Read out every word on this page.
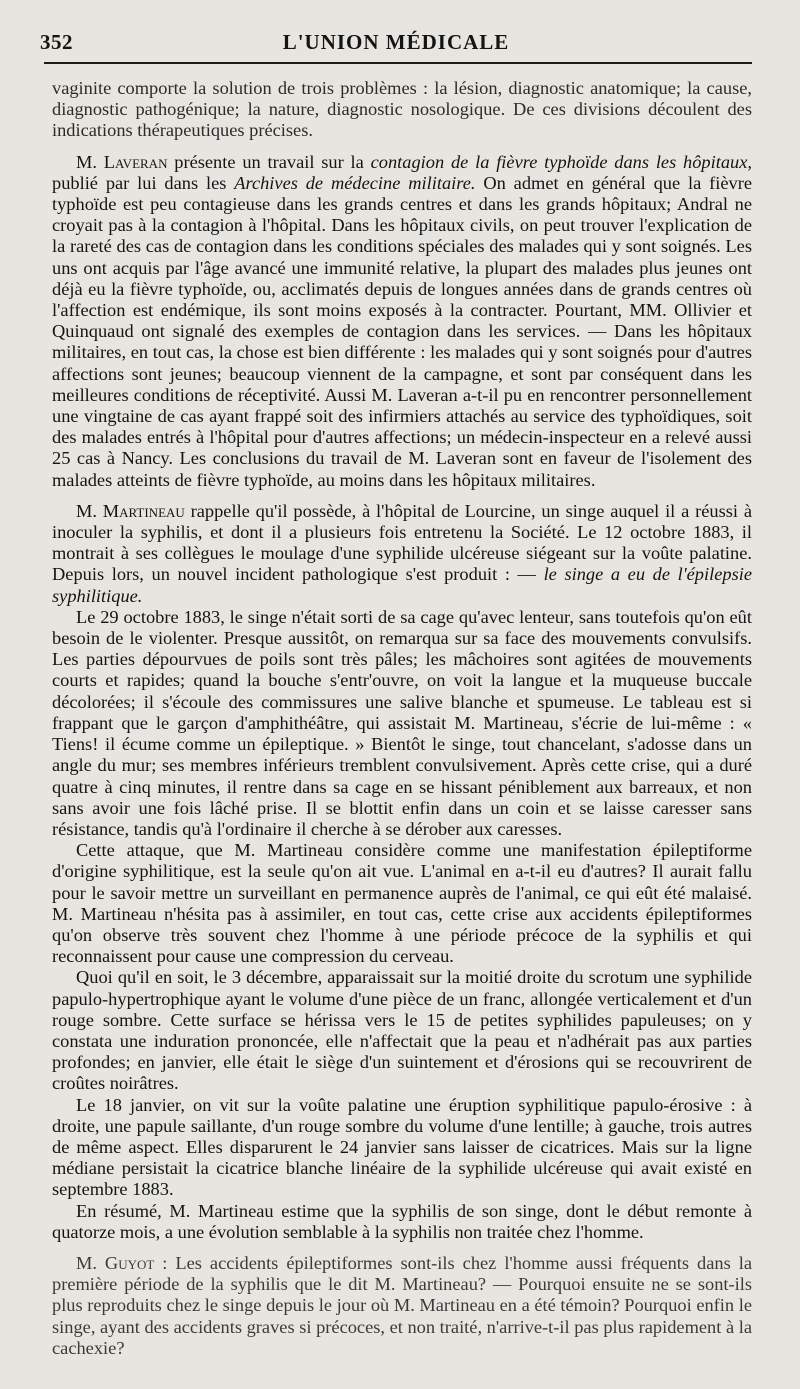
352	L'UNION MÉDICALE

vaginite comporte la solution de trois problèmes : la lésion, diagnostic anatomique; la cause, diagnostic pathogénique; la nature, diagnostic nosologique. De ces divisions découlent des indications thérapeutiques précises.

M. Laveran présente un travail sur la contagion de la fièvre typhoïde dans les hôpitaux, publié par lui dans les Archives de médecine militaire. On admet en général que la fièvre typhoïde est peu contagieuse dans les grands centres et dans les grands hôpitaux; Andral ne croyait pas à la contagion à l'hôpital. Dans les hôpitaux civils, on peut trouver l'explication de la rareté des cas de contagion dans les conditions spéciales des malades qui y sont soignés. Les uns ont acquis par l'âge avancé une immunité relative, la plupart des malades plus jeunes ont déjà eu la fièvre typhoïde, ou, acclimatés depuis de longues années dans de grands centres où l'affection est endémique, ils sont moins exposés à la contracter. Pourtant, MM. Ollivier et Quinquaud ont signalé des exemples de contagion dans les services. — Dans les hôpitaux militaires, en tout cas, la chose est bien différente : les malades qui y sont soignés pour d'autres affections sont jeunes; beaucoup viennent de la campagne, et sont par conséquent dans les meilleures conditions de réceptivité. Aussi M. Laveran a-t-il pu en rencontrer personnellement une vingtaine de cas ayant frappé soit des infirmiers attachés au service des typhoïdiques, soit des malades entrés à l'hôpital pour d'autres affections; un médecin-inspecteur en a relevé aussi 25 cas à Nancy. Les conclusions du travail de M. Laveran sont en faveur de l'isolement des malades atteints de fièvre typhoïde, au moins dans les hôpitaux militaires.

M. Martineau rappelle qu'il possède, à l'hôpital de Lourcine, un singe auquel il a réussi à inoculer la syphilis, et dont il a plusieurs fois entretenu la Société. Le 12 octobre 1883, il montrait à ses collègues le moulage d'une syphilide ulcéreuse siégeant sur la voûte palatine. Depuis lors, un nouvel incident pathologique s'est produit : — le singe a eu de l'épilepsie syphilitique.

Le 29 octobre 1883, le singe n'était sorti de sa cage qu'avec lenteur, sans toutefois qu'on eût besoin de le violenter. Presque aussitôt, on remarqua sur sa face des mouvements convulsifs. Les parties dépourvues de poils sont très pâles; les mâchoires sont agitées de mouvements courts et rapides; quand la bouche s'entr'ouvre, on voit la langue et la muqueuse buccale décolorées; il s'écoule des commissures une salive blanche et spumeuse. Le tableau est si frappant que le garçon d'amphithéâtre, qui assistait M. Martineau, s'écrie de lui-même : « Tiens! il écume comme un épileptique. » Bientôt le singe, tout chancelant, s'adosse dans un angle du mur; ses membres inférieurs tremblent convulsivement. Après cette crise, qui a duré quatre à cinq minutes, il rentre dans sa cage en se hissant péniblement aux barreaux, et non sans avoir une fois lâché prise. Il se blottit enfin dans un coin et se laisse caresser sans résistance, tandis qu'à l'ordinaire il cherche à se dérober aux caresses.

Cette attaque, que M. Martineau considère comme une manifestation épileptiforme d'origine syphilitique, est la seule qu'on ait vue. L'animal en a-t-il eu d'autres? Il aurait fallu pour le savoir mettre un surveillant en permanence auprès de l'animal, ce qui eût été malaisé. M. Martineau n'hésita pas à assimiler, en tout cas, cette crise aux accidents épileptiformes qu'on observe très souvent chez l'homme à une période précoce de la syphilis et qui reconnaissent pour cause une compression du cerveau.

Quoi qu'il en soit, le 3 décembre, apparaissait sur la moitié droite du scrotum une syphilide papulo-hypertrophique ayant le volume d'une pièce de un franc, allongée verticalement et d'un rouge sombre. Cette surface se hérissa vers le 15 de petites syphilides papuleuses; on y constata une induration prononcée, elle n'affectait que la peau et n'adhérait pas aux parties profondes; en janvier, elle était le siège d'un suintement et d'érosions qui se recouvrirent de croûtes noirâtres.

Le 18 janvier, on vit sur la voûte palatine une éruption syphilitique papulo-érosive : à droite, une papule saillante, d'un rouge sombre du volume d'une lentille; à gauche, trois autres de même aspect. Elles disparurent le 24 janvier sans laisser de cicatrices. Mais sur la ligne médiane persistait la cicatrice blanche linéaire de la syphilide ulcéreuse qui avait existé en septembre 1883.

En résumé, M. Martineau estime que la syphilis de son singe, dont le début remonte à quatorze mois, a une évolution semblable à la syphilis non traitée chez l'homme.

M. Guyot : Les accidents épileptiformes sont-ils chez l'homme aussi fréquents dans la première période de la syphilis que le dit M. Martineau? — Pourquoi ensuite ne se sont-ils plus reproduits chez le singe depuis le jour où M. Martineau en a été témoin? Pourquoi enfin le singe, ayant des accidents graves si précoces, et non traité, n'arrive-t-il pas plus rapidement à la cachexie?
